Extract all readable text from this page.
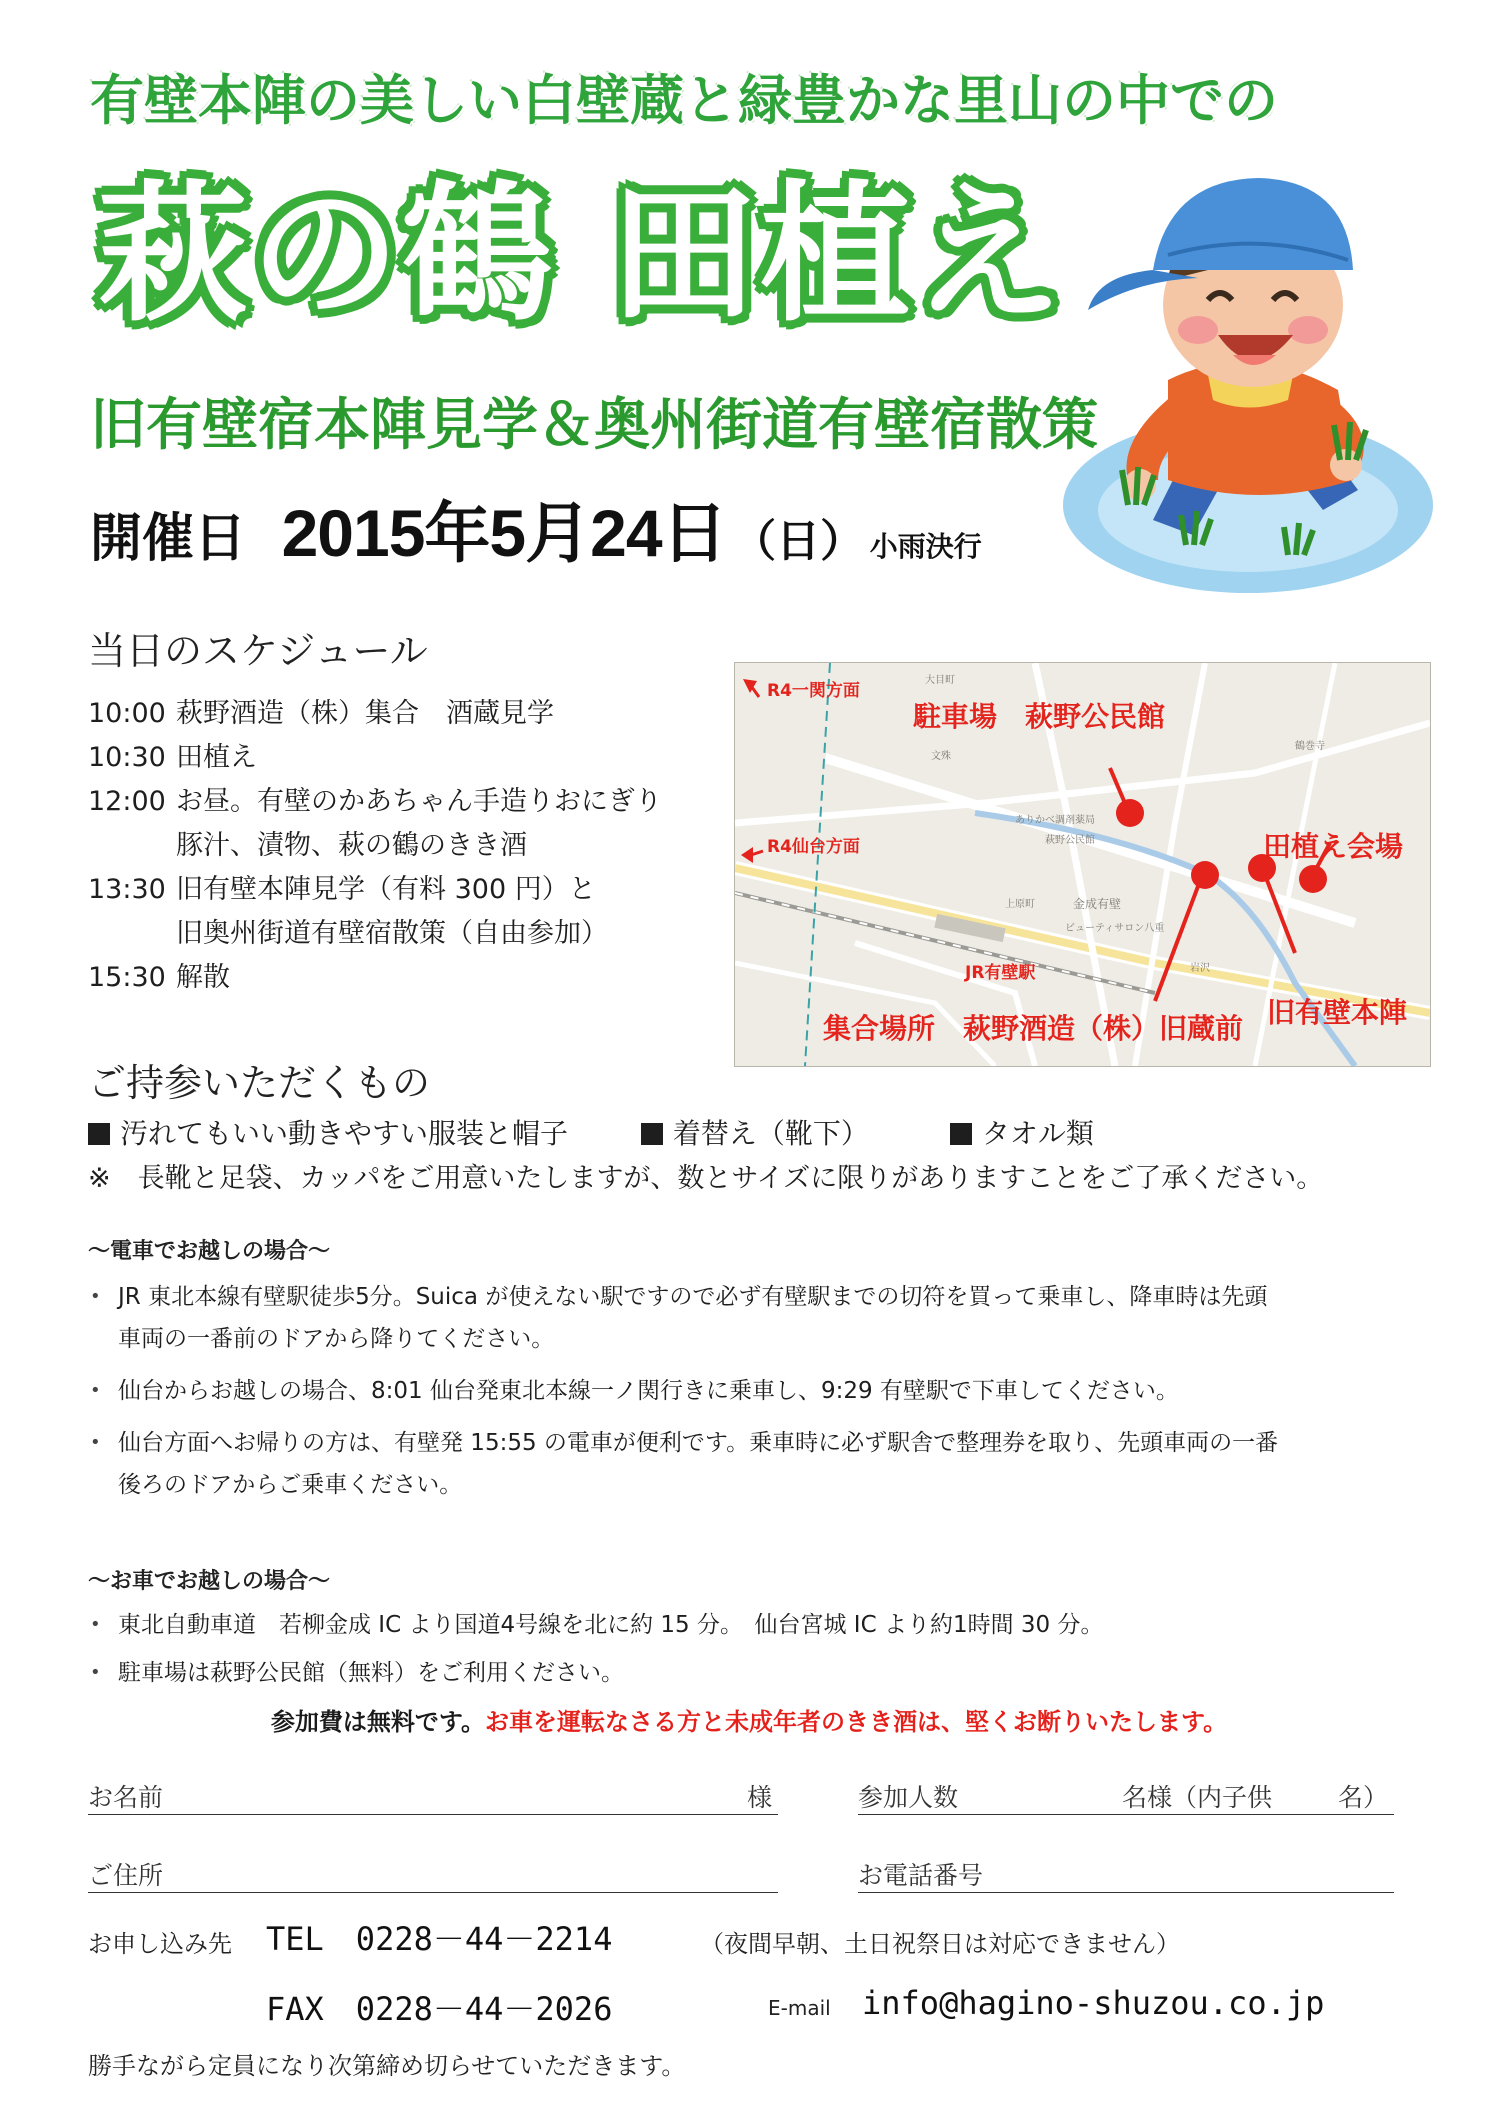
有壁本陣の美しい白壁蔵と緑豊かな里山の中での
萩の鶴 田植え
旧有壁宿本陣見学＆奥州街道有壁宿散策
開催日 2015年5月24日 （日） 小雨決行
当日のスケジュール
10:00 萩野酒造（株）集合　酒蔵見学
10:30 田植え
12:00 お昼。有壁のかあちゃん手造りおにぎり
豚汁、漬物、萩の鶴のきき酒
13:30 旧有壁本陣見学（有料 300 円）と
旧奥州街道有壁宿散策（自由参加）
15:30 解散
R4一関方面
駐車場　萩野公民館
R4仙台方面	田植え会場
JR有壁駅
旧有壁本陣
集合場所　萩野酒造（株）旧蔵前
大目町
文殊
ありかべ調剤薬局
ビューティサロン八重
金成有壁
上原町
萩野公民館
岩沢
鶴巻寺
ご持参いただくもの
汚れてもいい動きやすい服装と帽子	着替え（靴下）	タオル類
※　長靴と足袋、カッパをご用意いたしますが、数とサイズに限りがありますことをご了承ください。
～電車でお越しの場合～
• JR 東北本線有壁駅徒歩5分。Suica が使えない駅ですので必ず有壁駅までの切符を買って乗車し、降車時は先頭
車両の一番前のドアから降りてください。
• 仙台からお越しの場合、8:01 仙台発東北本線一ノ関行きに乗車し、9:29 有壁駅で下車してください。
• 仙台方面へお帰りの方は、有壁発 15:55 の電車が便利です。乗車時に必ず駅舎で整理券を取り、先頭車両の一番
後ろのドアからご乗車ください。
～お車でお越しの場合～
• 東北自動車道　若柳金成 IC より国道4号線を北に約 15 分。　仙台宮城 IC より約1時間 30 分。
• 駐車場は萩野公民館（無料）をご利用ください。
参加費は無料です。お車を運転なさる方と未成年者のきき酒は、堅くお断りいたします。
お名前	様	参加人数	名様（内子供	名）
ご住所	お電話番号
お申し込み先 TEL　0228－44－2214	（夜間早朝、土日祝祭日は対応できません）
FAX　0228－44－2026	E-mail info@hagino-shuzou.co.jp
勝手ながら定員になり次第締め切らせていただきます。
